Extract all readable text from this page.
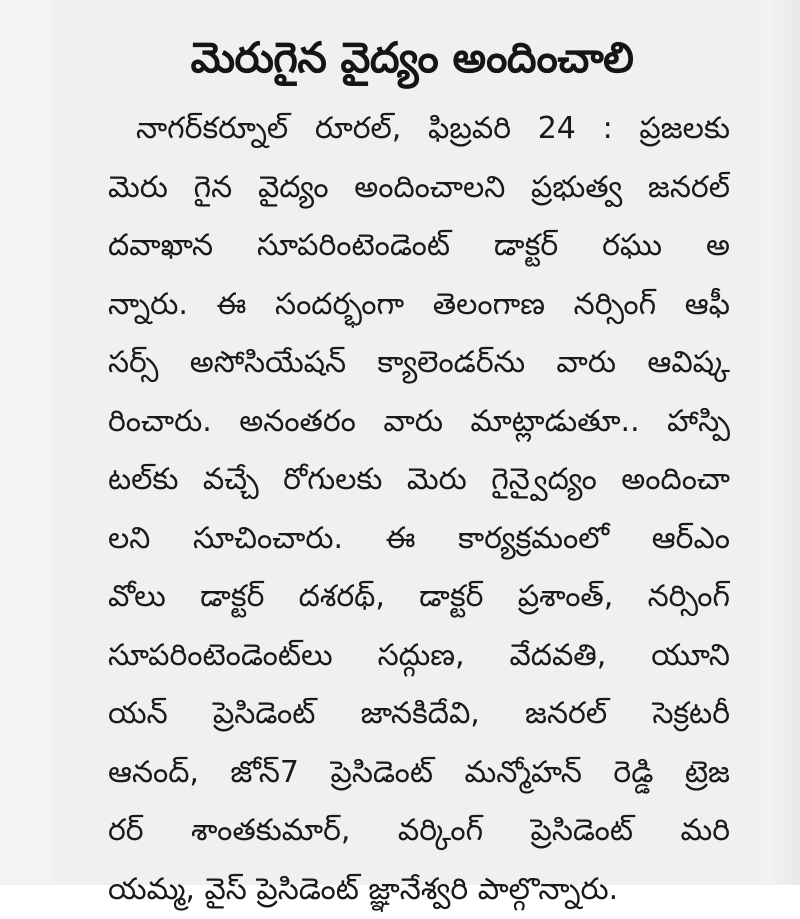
మెరుగైన వైద్యం అందించాలి
నాగర్‌కర్నూల్ రూరల్, ఫిబ్రవరి 24 : ప్రజలకు
మెరు గైన వైద్యం అందించాలని ప్రభుత్వ జనరల్
దవాఖాన సూపరింటెండెంట్ డాక్టర్ రఘు అ
న్నారు. ఈ సందర్భంగా తెలంగాణ నర్సింగ్ ఆఫీ
సర్స్ అసోసియేషన్ క్యాలెండర్‌ను వారు ఆవిష్క
రించారు. అనంతరం వారు మాట్లాడుతూ.. హాస్పి
టల్‌కు వచ్చే రోగులకు మెరు గైన్వైద్యం అందించా
లని సూచించారు. ఈ కార్యక్రమంలో ఆర్‌ఎం
వోలు డాక్టర్ దశరథ్, డాక్టర్ ప్రశాంత్, నర్సింగ్
సూపరింటెండెంట్‌లు సద్గుణ, వేదవతి, యూని
యన్ ప్రెసిడెంట్ జానకిదేవి, జనరల్ సెక్రటరీ
ఆనంద్, జోన్7 ప్రెసిడెంట్ మన్మోహన్ రెడ్డి ట్రెజ
రర్ శాంతకుమార్, వర్కింగ్ ప్రెసిడెంట్ మరి
యమ్మ, వైస్ ప్రెసిడెంట్ జ్ఞానేశ్వరి పాల్గొన్నారు.
